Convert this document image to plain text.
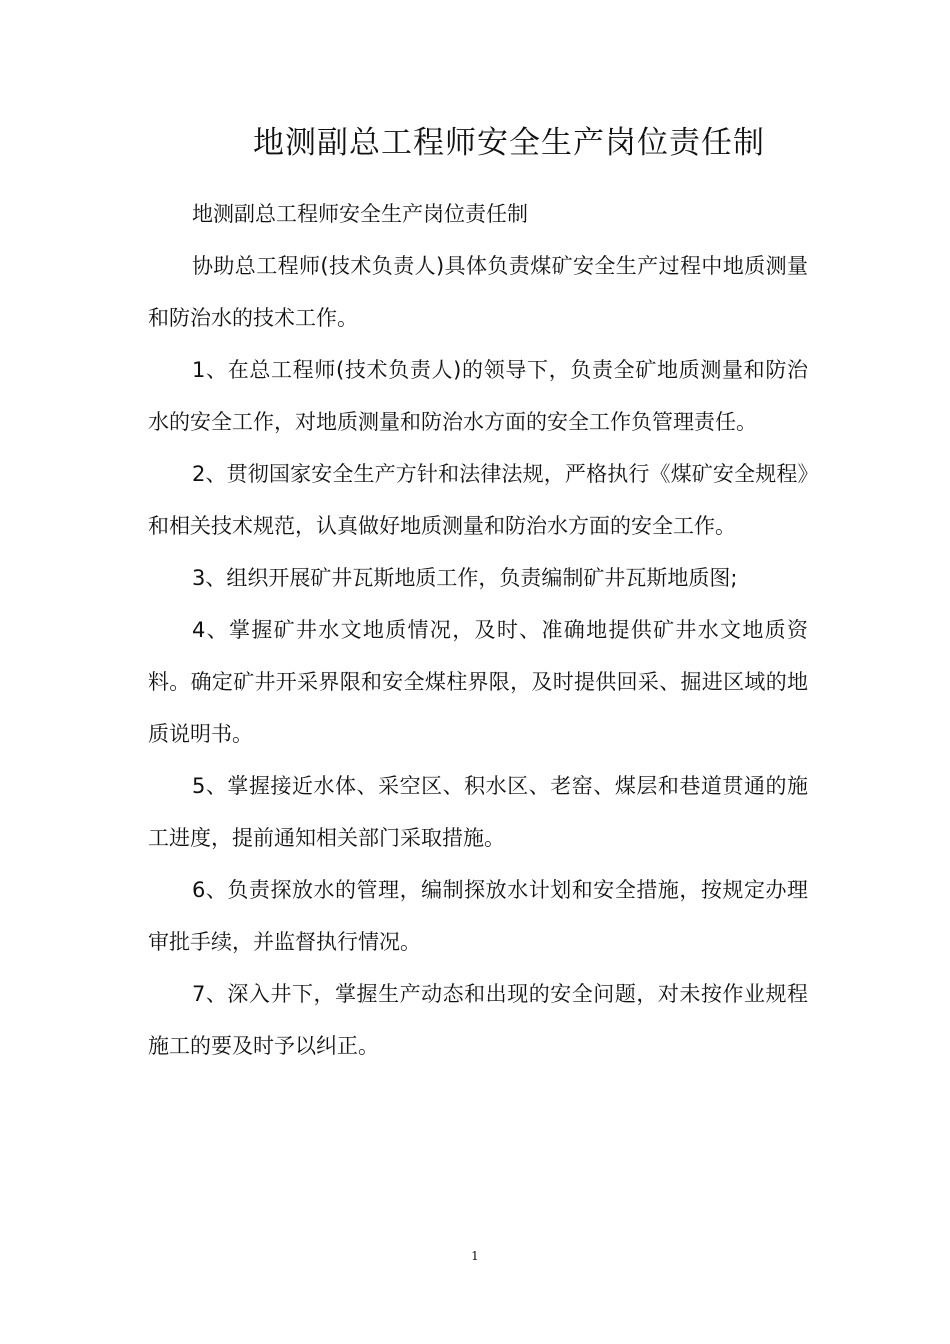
地测副总工程师安全生产岗位责任制

地测副总工程师安全生产岗位责任制

协助总工程师(技术负责人)具体负责煤矿安全生产过程中地质测量和防治水的技术工作。

1、在总工程师(技术负责人)的领导下，负责全矿地质测量和防治水的安全工作，对地质测量和防治水方面的安全工作负管理责任。

2、贯彻国家安全生产方针和法律法规，严格执行《煤矿安全规程》和相关技术规范，认真做好地质测量和防治水方面的安全工作。

3、组织开展矿井瓦斯地质工作，负责编制矿井瓦斯地质图;

4、掌握矿井水文地质情况，及时、准确地提供矿井水文地质资料。确定矿井开采界限和安全煤柱界限，及时提供回采、掘进区域的地质说明书。

5、掌握接近水体、采空区、积水区、老窑、煤层和巷道贯通的施工进度，提前通知相关部门采取措施。

6、负责探放水的管理，编制探放水计划和安全措施，按规定办理审批手续，并监督执行情况。

7、深入井下，掌握生产动态和出现的安全问题，对未按作业规程施工的要及时予以纠正。

1
